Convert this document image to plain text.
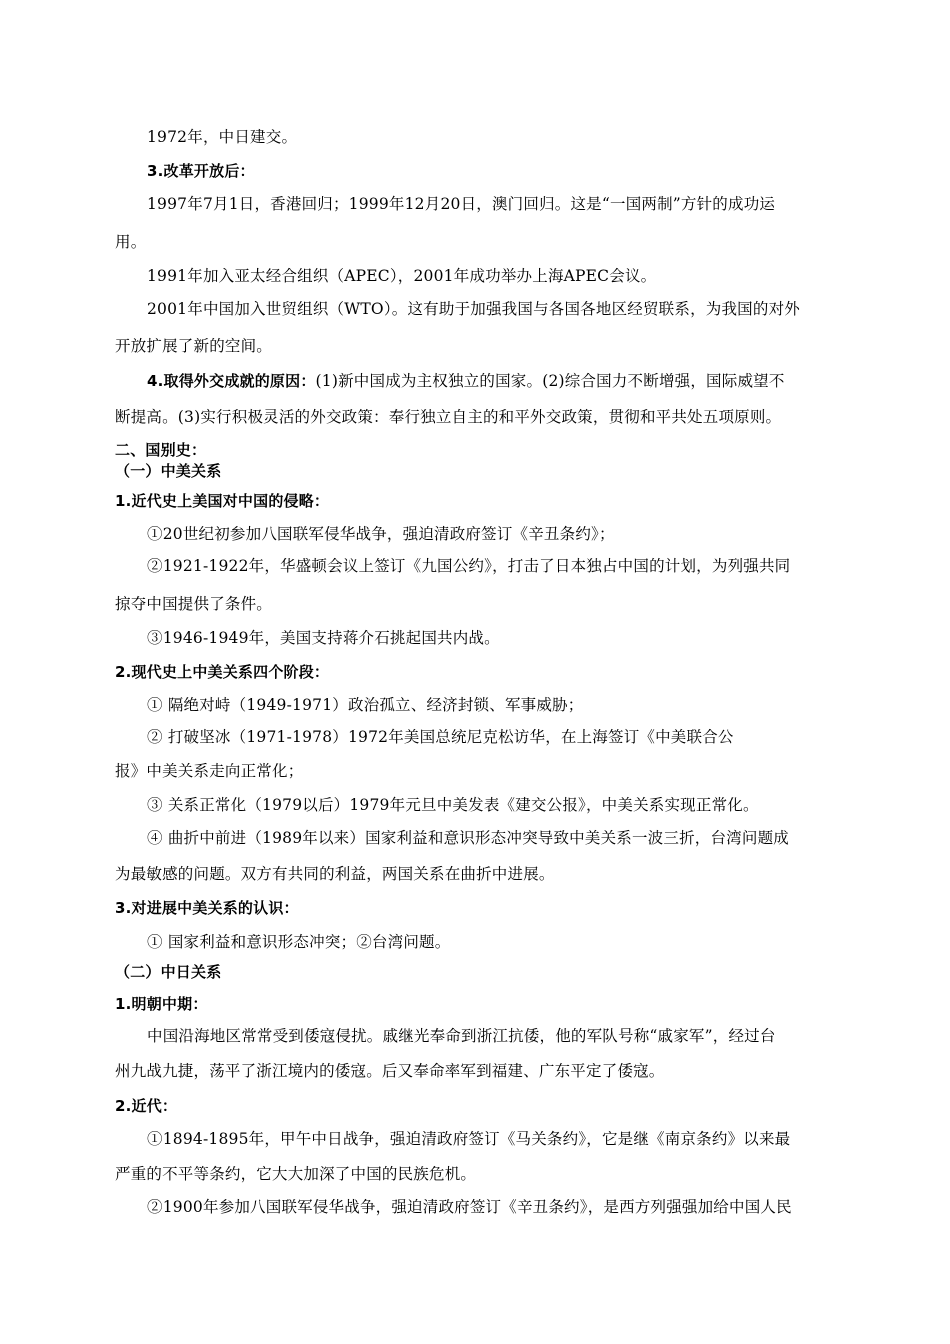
1972年，中日建交。
3.改革开放后：
1997年7月1日，香港回归；1999年12月20日，澳门回归。这是“一国两制”方针的成功运
用。
1991年加入亚太经合组织（APEC），2001年成功举办上海APEC会议。
2001年中国加入世贸组织（WTO）。这有助于加强我国与各国各地区经贸联系，为我国的对外
开放扩展了新的空间。
4.取得外交成就的原因：(1)新中国成为主权独立的国家。(2)综合国力不断增强，国际威望不
断提高。(3)实行积极灵活的外交政策：奉行独立自主的和平外交政策，贯彻和平共处五项原则。
二、国别史：
（一）中美关系
1.近代史上美国对中国的侵略：
①20世纪初参加八国联军侵华战争，强迫清政府签订《辛丑条约》；
②1921-1922年，华盛顿会议上签订《九国公约》，打击了日本独占中国的计划，为列强共同
掠夺中国提供了条件。
③1946-1949年，美国支持蒋介石挑起国共内战。
2.现代史上中美关系四个阶段：
① 隔绝对峙（1949-1971）政治孤立、经济封锁、军事威胁；
② 打破坚冰（1971-1978）1972年美国总统尼克松访华，在上海签订《中美联合公
报》中美关系走向正常化；
③ 关系正常化（1979以后）1979年元旦中美发表《建交公报》，中美关系实现正常化。
④ 曲折中前进（1989年以来）国家利益和意识形态冲突导致中美关系一波三折，台湾问题成
为最敏感的问题。双方有共同的利益，两国关系在曲折中进展。
3.对进展中美关系的认识：
① 国家利益和意识形态冲突；②台湾问题。
（二）中日关系
1.明朝中期：
中国沿海地区常常受到倭寇侵扰。戚继光奉命到浙江抗倭，他的军队号称“戚家军”，经过台
州九战九捷，荡平了浙江境内的倭寇。后又奉命率军到福建、广东平定了倭寇。
2.近代：
①1894-1895年，甲午中日战争，强迫清政府签订《马关条约》，它是继《南京条约》以来最
严重的不平等条约，它大大加深了中国的民族危机。
②1900年参加八国联军侵华战争，强迫清政府签订《辛丑条约》，是西方列强强加给中国人民
